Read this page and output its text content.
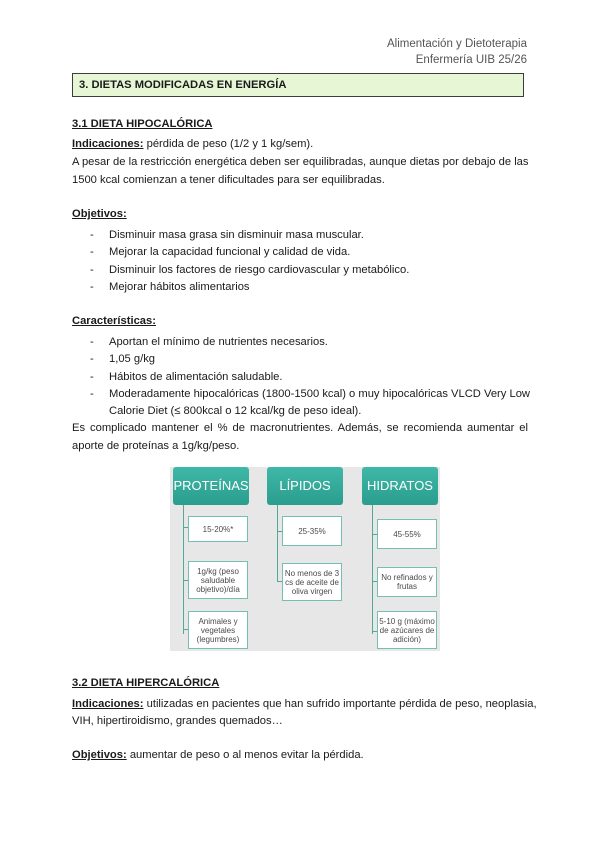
Alimentación y Dietoterapia
Enfermería UIB 25/26
3. DIETAS MODIFICADAS EN ENERGÍA
3.1 DIETA HIPOCALÓRICA
Indicaciones: pérdida de peso (1/2 y 1 kg/sem).
A pesar de la restricción energética deben ser equilibradas, aunque dietas por debajo de las
1500 kcal comienzan a tener dificultades para ser equilibradas.
Objetivos:
- Disminuir masa grasa sin disminuir masa muscular.
- Mejorar la capacidad funcional y calidad de vida.
- Disminuir los factores de riesgo cardiovascular y metabólico.
- Mejorar hábitos alimentarios
Características:
- Aportan el mínimo de nutrientes necesarios.
- 1,05 g/kg
- Hábitos de alimentación saludable.
- Moderadamente hipocalóricas (1800-1500 kcal) o muy hipocalóricas VLCD Very Low
Calorie Diet (≤ 800kcal o 12 kcal/kg de peso ideal).
Es complicado mantener el % de macronutrientes. Además, se recomienda aumentar el
aporte de proteínas a 1g/kg/peso.
PROTEÍNAS
15-20%*
1g/kg (peso saludable objetivo)/día
Animales y vegetales (legumbres)
LÍPIDOS
25-35%
No menos de 3 cs de aceite de oliva virgen
HIDRATOS
45-55%
No refinados y frutas
5-10 g (máximo de azúcares de adición)
3.2 DIETA HIPERCALÓRICA
Indicaciones: utilizadas en pacientes que han sufrido importante pérdida de peso, neoplasia,
VIH, hipertiroidismo, grandes quemados…
Objetivos: aumentar de peso o al menos evitar la pérdida.
